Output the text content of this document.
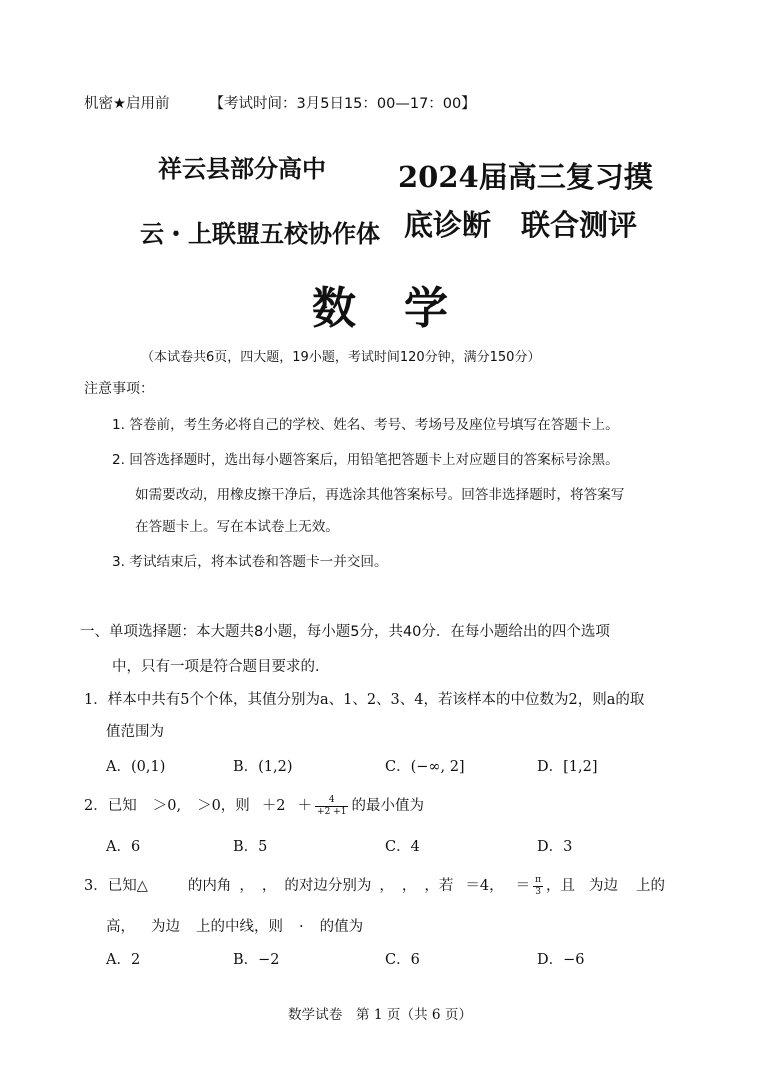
机密★启用前	【考试时间：3月5日15：00—17：00】
祥云县部分高中
云・上联盟五校协作体
2024届高三复习摸
底诊断 联合测评
数学
（本试卷共6页，四大题，19小题，考试时间120分钟，满分150分）
注意事项：
1. 答卷前，考生务必将自己的学校、姓名、考号、考场号及座位号填写在答题卡上。
2. 回答选择题时，选出每小题答案后，用铅笔把答题卡上对应题目的答案标号涂黑。
如需要改动，用橡皮擦干净后，再选涂其他答案标号。回答非选择题时，将答案写
在答题卡上。写在本试卷上无效。
3. 考试结束后，将本试卷和答题卡一并交回。
一、单项选择题：本大题共8小题，每小题5分，共40分．在每小题给出的四个选项
中，只有一项是符合题目要求的．
1．样本中共有5个个体，其值分别为a、1、2、3、4，若该样本的中位数为2，则a的取
值范围为
A．(0,1)	B．(1,2)	C．(−∞, 2]	D．[1,2]
2．已知 ＞0, ＞0，则 $+2 + \frac{4}{+2 +1}$ 的最小值为
A．6	B．5	C．4	D．3
3．已知△	的内角 ， ， 的对边分别为 ， ， ，若 ＝4， ＝ $\frac{\pi}{3}$ ，且 为边 上的
高， 为边 上的中线，则 · 的值为
A．2	B．−2	C．6	D．−6
数学试卷　第 1 页（共 6 页）
